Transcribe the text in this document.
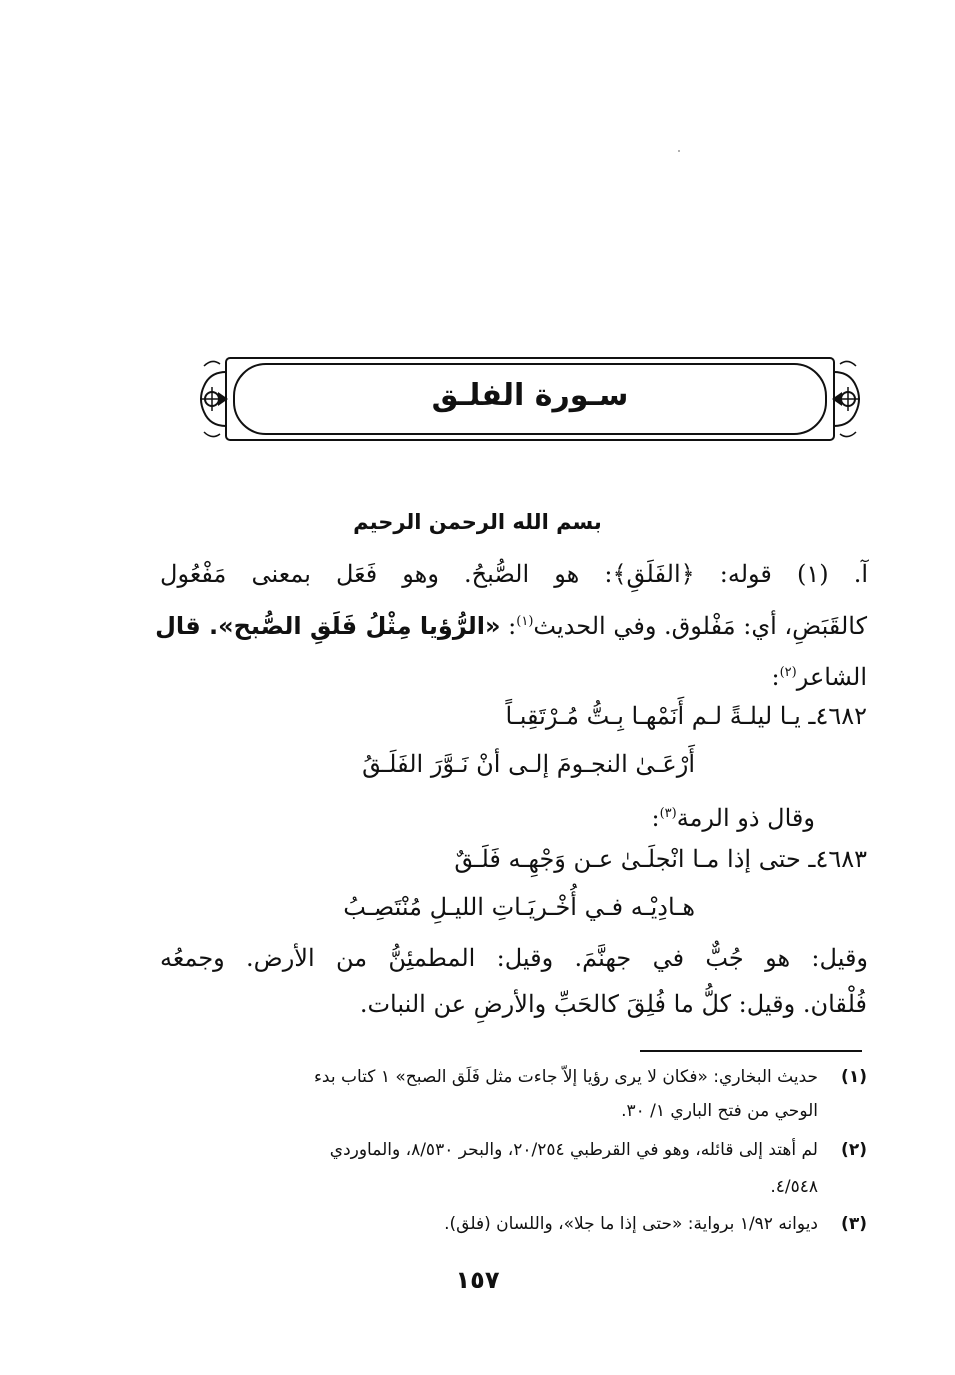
سـورة الفلـق
بسم الله الرحمن الرحيم
آ. (١) قوله: ﴿الفَلَقِ﴾: هو الصُّبحُ. وهو فَعَل بمعنى مَفْعُول
كالقَبَضِ، أي: مَفْلوق. وفي الحديث$^{(١)}$: «الرُّؤيا مِثْلُ فَلَقِ الصُّبح». قال
الشاعر$^{(٢)}$:
٤٦٨٢ـ يـا ليلـةً لـم أَنَمْهـا بِـتُّ مُـرْتَقِبـاً
أَرْعَـىٰ النجـومَ إلـى أنْ نَـوَّرَ الفَلَـقُ
وقال ذو الرمة$^{(٣)}$:
٤٦٨٣ـ حتى إذا مـا انْجلَـىٰ عـن وَجْهِـه فَلَـقٌ
هـادِيْـه فـي أُخْـريَـاتِ الليـلِ مُنْتَصِـبُ
وقيل: هو جُبٌّ في جهنَّمَ. وقيل: المطمئِنُّ من الأرض. وجمعُه
فُلْقان. وقيل: كلُّ ما فُلِقَ كالحَبِّ والأرضِ عن النبات.
(١)
حديث البخاري: «فكان لا يرى رؤيا إلاّ جاءت مثل فَلَق الصبح» ١ كتاب بدء
الوحي من فتح الباري ١/ ٣٠.
(٢)
لم أهتد إلى قائله، وهو في القرطبي ٢٠/٢٥٤، والبحر ٨/٥٣٠، والماوردي
٤/٥٤٨.
(٣)
ديوانه ١/٩٢ برواية: «حتى إذا ما جلا»، واللسان (فلق).
١٥٧
